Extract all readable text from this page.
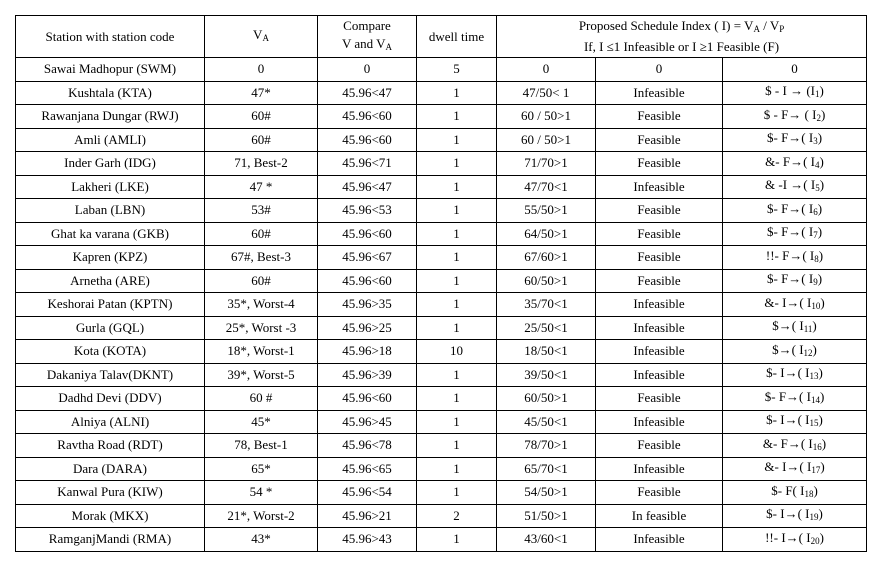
Station with station code	$V_A$	Compare
V and $V_A$	dwell time	Proposed Schedule Index ( $I) = V_A / V_P$
If, I ≤1 Infeasible or I ≥1 Feasible (F)		
Sawai Madhopur (SWM)	0	0	5	0	0	0
Kushtala (KTA)	47*	45.96<47	1	47/50< 1	Infeasible	$ - $I \to (I_1)$
Rawanjana Dungar (RWJ)	60#	45.96<60	1	60 / 50>1	Feasible	$ - F→ ( $I_2$)
Amli (AMLI)	60#	45.96<60	1	60 / 50>1	Feasible	$- F→( $I_3$)
Inder Garh (IDG)	71, Best-2	45.96<71	1	71/70>1	Feasible	&- F→( $I_4$)
Lakheri (LKE)	47 *	45.96<47	1	47/70<1	Infeasible	& -I →( $I_5$)
Laban (LBN)	53#	45.96<53	1	55/50>1	Feasible	$- F→( $I_6$)
Ghat ka varana (GKB)	60#	45.96<60	1	64/50>1	Feasible	$- F→( $I_7$)
Kapren (KPZ)	67#, Best-3	45.96<67	1	67/60>1	Feasible	!!- F→( $I_8$)
Arnetha (ARE)	60#	45.96<60	1	60/50>1	Feasible	$- F→( $I_9$)
Keshorai Patan (KPTN)	35*, Worst-4	45.96>35	1	35/70<1	Infeasible	&- I→( $I_{10}$)
Gurla (GQL)	25*, Worst -3	45.96>25	1	25/50<1	Infeasible	$→( $I_{11}$)
Kota (KOTA)	18*, Worst-1	45.96>18	10	18/50<1	Infeasible	$→( $I_{12}$)
Dakaniya Talav(DKNT)	39*, Worst-5	45.96>39	1	39/50<1	Infeasible	$- I→( $I_{13}$)
Dadhd Devi (DDV)	60 #	45.96<60	1	60/50>1	Feasible	$- F→( $I_{14}$)
Alniya (ALNI)	45*	45.96>45	1	45/50<1	Infeasible	$- I→( $I_{15}$)
Ravtha Road (RDT)	78, Best-1	45.96<78	1	78/70>1	Feasible	&- F→( $I_{16}$)
Dara (DARA)	65*	45.96<65	1	65/70<1	Infeasible	&- I→( $I_{17}$)
Kanwal Pura (KIW)	54 *	45.96<54	1	54/50>1	Feasible	$- F( $I_{18}$)
Morak (MKX)	21*, Worst-2	45.96>21	2	51/50>1	In feasible	$- I→( $I_{19}$)
RamganjMandi (RMA)	43*	45.96>43	1	43/60<1	Infeasible	!!- I→( $I_{20}$)
